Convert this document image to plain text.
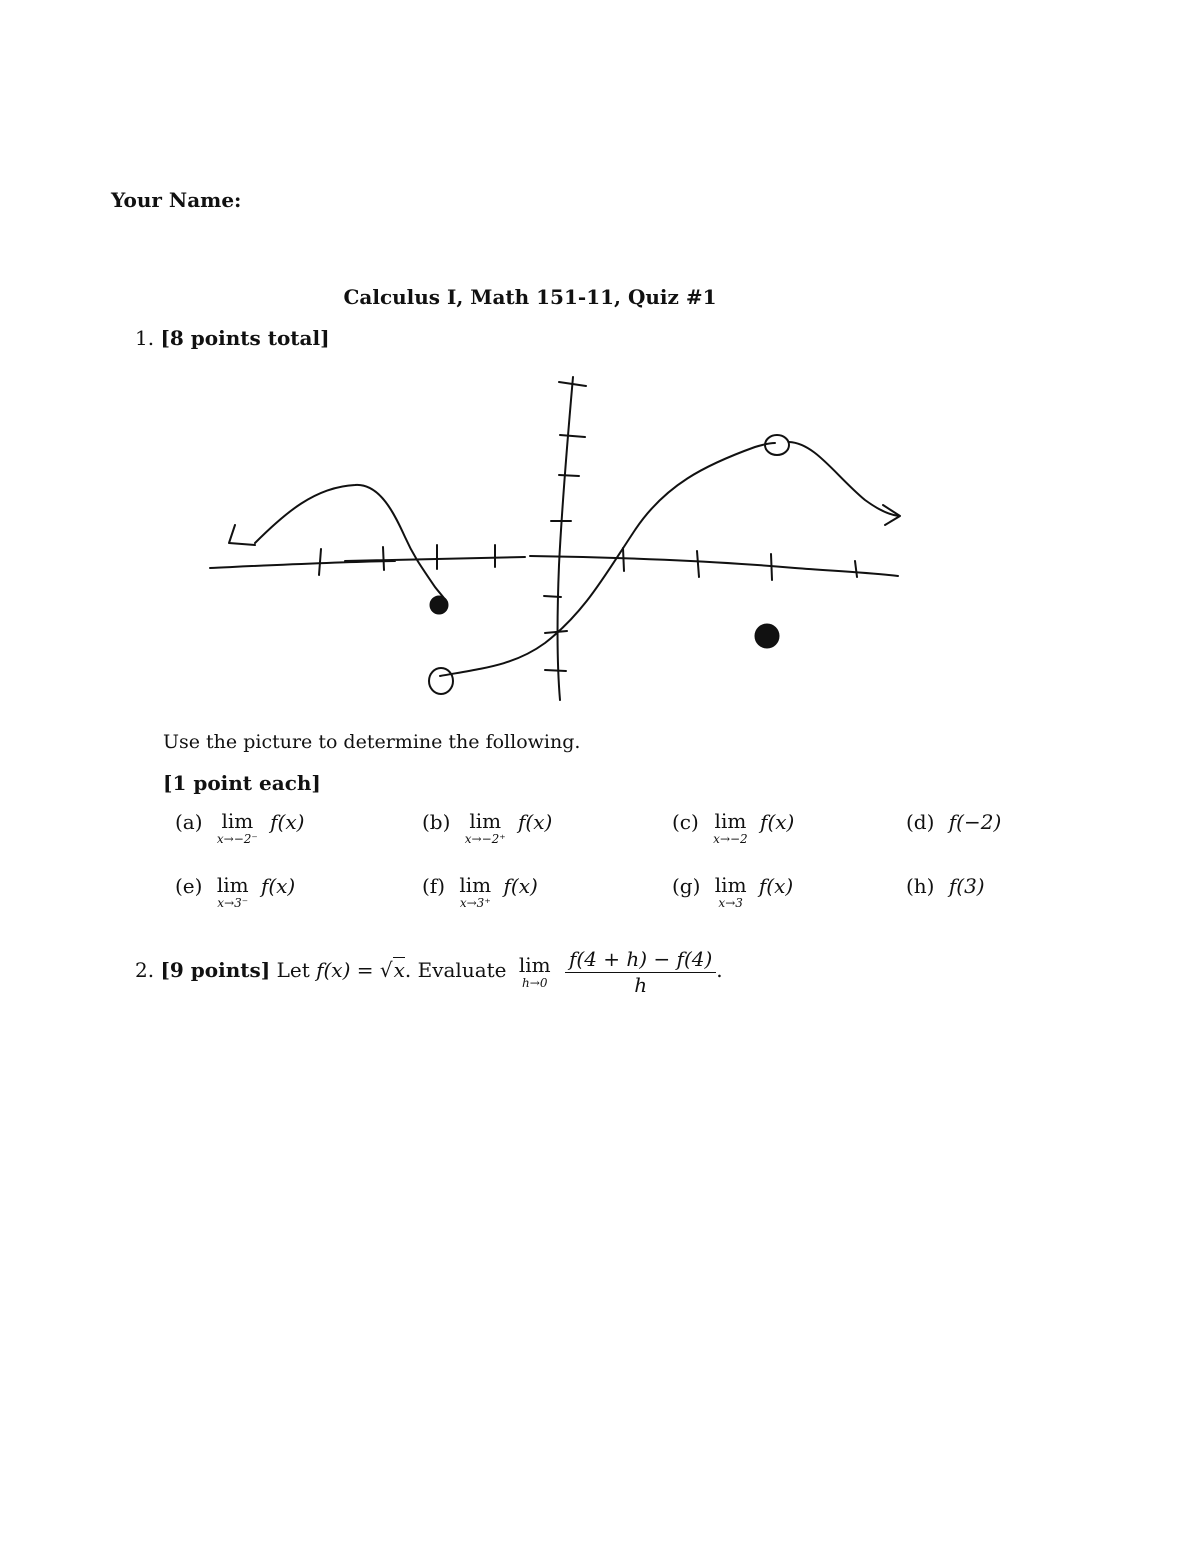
Your Name:
Calculus I, Math 151-11, Quiz #1
1. [8 points total]
Use the picture to determine the following.
[1 point each]
(a) lim
x→−2⁻
f(x)	(b) lim
x→−2⁺
f(x)	(c) lim
x→−2
f(x)	(d) f(−2)
(e) lim
x→3⁻
f(x)	(f) lim
x→3⁺
f(x)	(g) lim
x→3
f(x)	(h) f(3)
2. [9 points] Let f(x) = √x. Evaluate lim
h→0
$\frac{f(4 + h) - f(4)}{h}$ .
